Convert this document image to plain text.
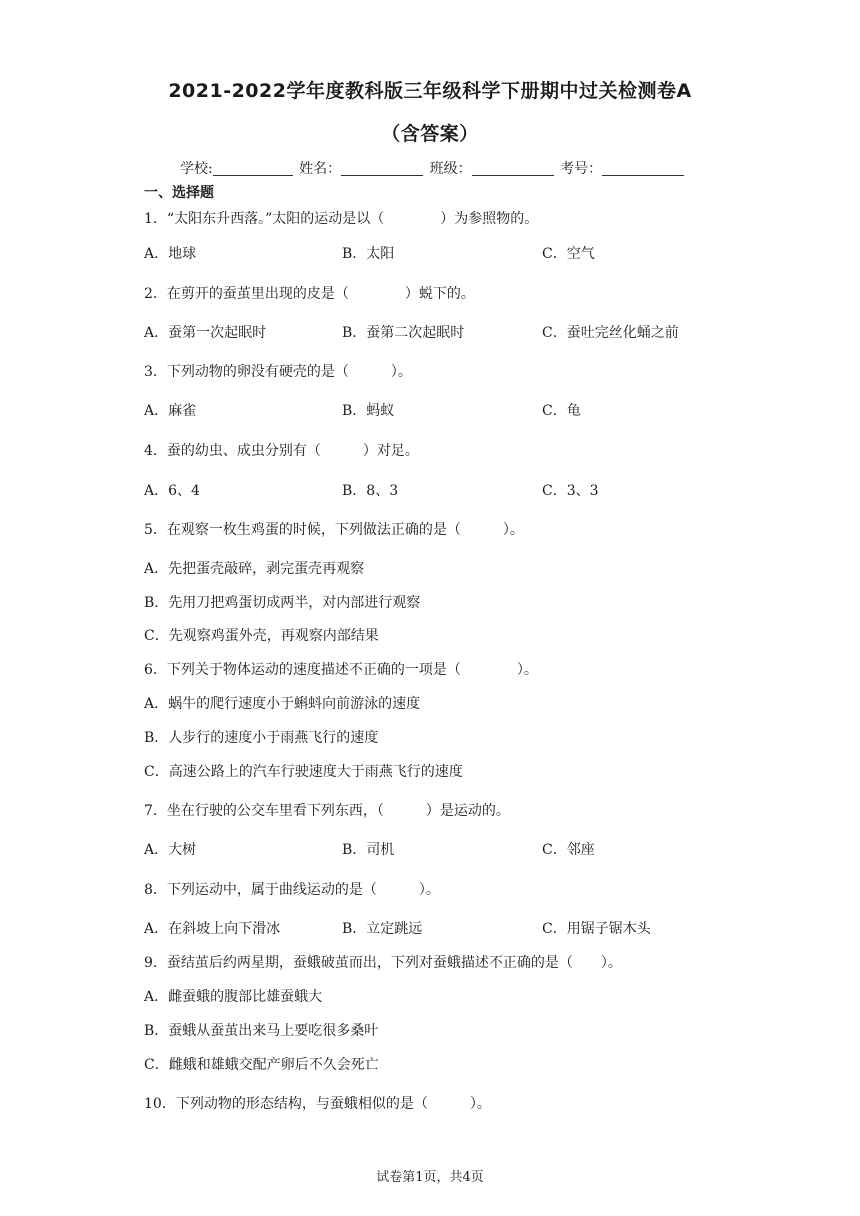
2021-2022学年度教科版三年级科学下册期中过关检测卷A
（含答案）
学校:	姓名：	班级：	考号：
一、选择题
1．“太阳东升西落。”太阳的运动是以（　　　　）为参照物的。
A．地球	B．太阳	C．空气
2．在剪开的蚕茧里出现的皮是（　　　　）蜕下的。
A．蚕第一次起眠时	B．蚕第二次起眠时	C．蚕吐完丝化蛹之前
3．下列动物的卵没有硬壳的是（　　　）。
A．麻雀	B．蚂蚁	C．龟
4．蚕的幼虫、成虫分别有（　　　）对足。
A．6、4	B．8、3	C．3、3
5．在观察一枚生鸡蛋的时候，下列做法正确的是（　　　）。
A．先把蛋壳敲碎，剥完蛋壳再观察
B．先用刀把鸡蛋切成两半，对内部进行观察
C．先观察鸡蛋外壳，再观察内部结果
6．下列关于物体运动的速度描述不正确的一项是（　　　　）。
A．蜗牛的爬行速度小于蝌蚪向前游泳的速度
B．人步行的速度小于雨燕飞行的速度
C．高速公路上的汽车行驶速度大于雨燕飞行的速度
7．坐在行驶的公交车里看下列东西，（　　　）是运动的。
A．大树	B．司机	C．邻座
8．下列运动中，属于曲线运动的是（　　　）。
A．在斜坡上向下滑冰	B．立定跳远	C．用锯子锯木头
9．蚕结茧后约两星期，蚕蛾破茧而出，下列对蚕蛾描述不正确的是（　　）。
A．雌蚕蛾的腹部比雄蚕蛾大
B．蚕蛾从蚕茧出来马上要吃很多桑叶
C．雌蛾和雄蛾交配产卵后不久会死亡
10．下列动物的形态结构，与蚕蛾相似的是（　　　）。
试卷第1页，共4页
